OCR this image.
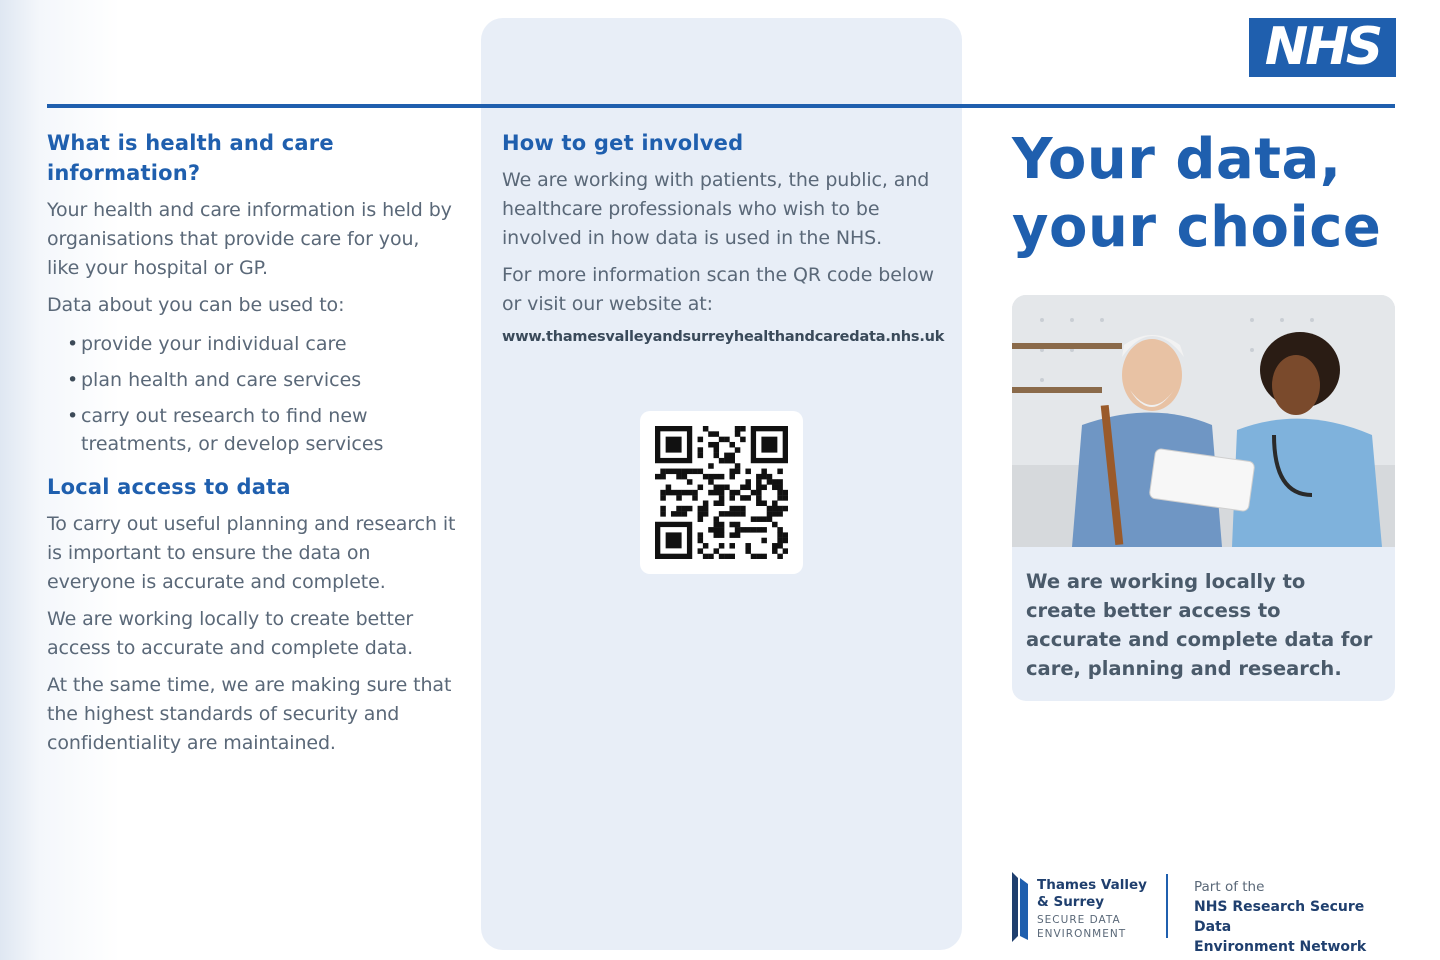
NHS
What is health and care information?

Your health and care information is held by organisations that provide care for you, like your hospital or GP.

Data about you can be used to:

• provide your individual care
• plan health and care services
• carry out research to find new treatments, or develop services
Local access to data

To carry out useful planning and research it is important to ensure the data on everyone is accurate and complete.

We are working locally to create better access to accurate and complete data.

At the same time, we are making sure that the highest standards of security and confidentiality are maintained.

How to get involved

We are working with patients, the public, and healthcare professionals who wish to be involved in how data is used in the NHS.

For more information scan the QR code below or visit our website at:

www.thamesvalleyandsurreyhealthandcaredata.nhs.uk

Your data,
your choice
We are working locally to create better access to accurate and complete data for care, planning and research.
Thames Valley
& Surrey
SECURE DATA
ENVIRONMENT
Part of the
NHS Research Secure Data
Environment Network
